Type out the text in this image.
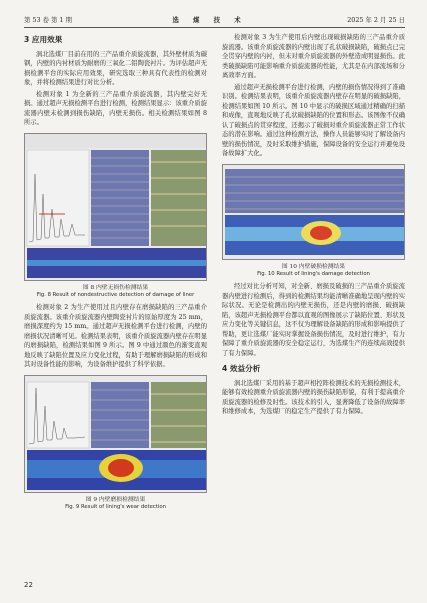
第 53 卷 第 1 期	选 煤 技 术	2025 年 2 月 25 日
3 应用效果

涡北选煤厂目前在用的三产品重介质旋流器，其外壁材质为碳钢，内壁的内衬材质为耐磨的三氧化二铝陶瓷衬片。为评估超声无损检测平台的实际应用效果，研究选取三种具有代表性的检测对象，并将检测结果进行对比分析。

检测对象 1 为全新的三产品重介质旋流器，其内壁完好无损。通过超声无损检测平台进行检测，检测结果显示：该重介质旋流器内壁未检测到损伤缺陷，内壁无损伤。相关检测结果如图 8 所示。

图 8 内壁无损伤检测结果
Fig. 8 Result of nondestructive detection of damage of liner

检测对象 2 为生产使用过且内壁存在磨损缺陷的三产品重介质旋流器。该重介质旋流器内壁陶瓷衬片的原始厚度为 25 mm，磨损深度约为 15 mm。通过超声无损检测平台进行检测，内壁的磨损状况清晰可见。检测结果表明，该重介质旋流器内壁存在明显的磨损缺陷，检测结果如图 9 所示。图 9 中通过颜色的渐变直观地反映了缺陷位置及应力变化过程，有助于理解磨损缺陷的形成和其对设备性能的影响，为设备维护提供了科学依据。

图 9 内壁磨损检测结果
Fig. 9 Result of lining's wear detection

检测对象 3 为生产使用后内壁出现破损缺陷的三产品重介质旋流器。该重介质旋流器的内壁出现了孔状破损缺陷，破损点已完全贯穿内壁的内衬，但未对重介质旋流器的外壁造成明显损伤。此类破损缺陷可能影响重介质旋流器的性能，尤其是在内部流场和分离效率方面。

通过超声无损检测平台进行检测，内壁的损伤情况得到了准确识别。检测结果表明，该重介质旋流器内壁存在明显的破损缺陷，检测结果如图 10 所示。图 10 中显示的破损区域通过精确的扫描和成像，直观地反映了孔状破损缺陷的位置和形态。该图像不仅确认了破损点的贯穿程度，还揭示了破损对重介质旋流器正常工作状态的潜在影响。通过这种检测方法，操作人员能够实时了解设备内壁的损伤情况，及时采取维护措施，保障设备的安全运行并避免设备故障扩大化。

图 10 内壁破损检测结果
Fig. 10 Result of lining's damage detection

经过对比分析可知，对全新、磨损及破损的三产品重介质旋流器内壁进行检测后，得到的检测结果均能清晰准确地呈现内壁的实际状况。无论是检测出的内壁无损伤，还是内壁的磨损、破损缺陷，该超声无损检测平台都以直观的图像展示了缺陷位置、形状及应力变化等关键信息，这不仅为理解设备缺陷的形成和影响提供了帮助，更让选煤厂能实时掌握设备损伤情况，及时进行维护，有力保障了重介质旋流器的安全稳定运行，为选煤生产的连续高效提供了有力保障。

4 效益分析

涡北选煤厂采用的基于超声相控阵检测技术的无损检测技术，能够有效检测重介质旋流器内壁的损伤缺陷形貌，有利于提高重介质旋流器的检修及时性。该技术的引入，显著降低了设备的故障率和维修成本，为选煤厂的稳定生产提供了有力保障。

22
